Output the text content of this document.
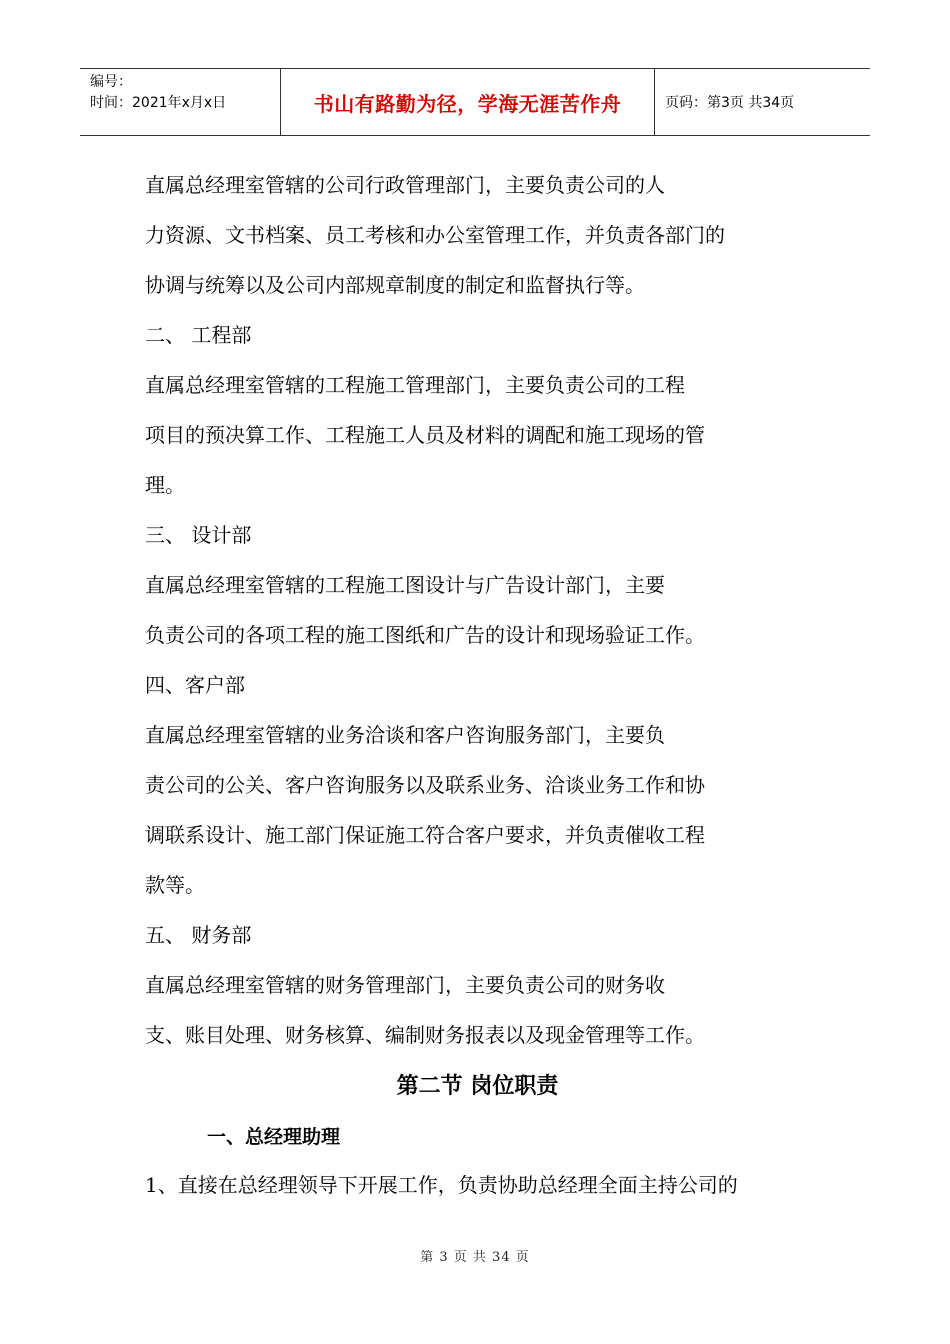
编号：
时间：2021年x月x日	书山有路勤为径，学海无涯苦作舟	页码：第3页 共34页
直属总经理室管辖的公司行政管理部门，主要负责公司的人
力资源、文书档案、员工考核和办公室管理工作，并负责各部门的
协调与统筹以及公司内部规章制度的制定和监督执行等。
二、 工程部
直属总经理室管辖的工程施工管理部门，主要负责公司的工程
项目的预决算工作、工程施工人员及材料的调配和施工现场的管
理。
三、 设计部
直属总经理室管辖的工程施工图设计与广告设计部门，主要
负责公司的各项工程的施工图纸和广告的设计和现场验证工作。
四、客户部
直属总经理室管辖的业务洽谈和客户咨询服务部门，主要负
责公司的公关、客户咨询服务以及联系业务、洽谈业务工作和协
调联系设计、施工部门保证施工符合客户要求，并负责催收工程
款等。
五、 财务部
直属总经理室管辖的财务管理部门，主要负责公司的财务收
支、账目处理、财务核算、编制财务报表以及现金管理等工作。
第二节 岗位职责
一、总经理助理
1、直接在总经理领导下开展工作，负责协助总经理全面主持公司的
第 3 页 共 34 页
